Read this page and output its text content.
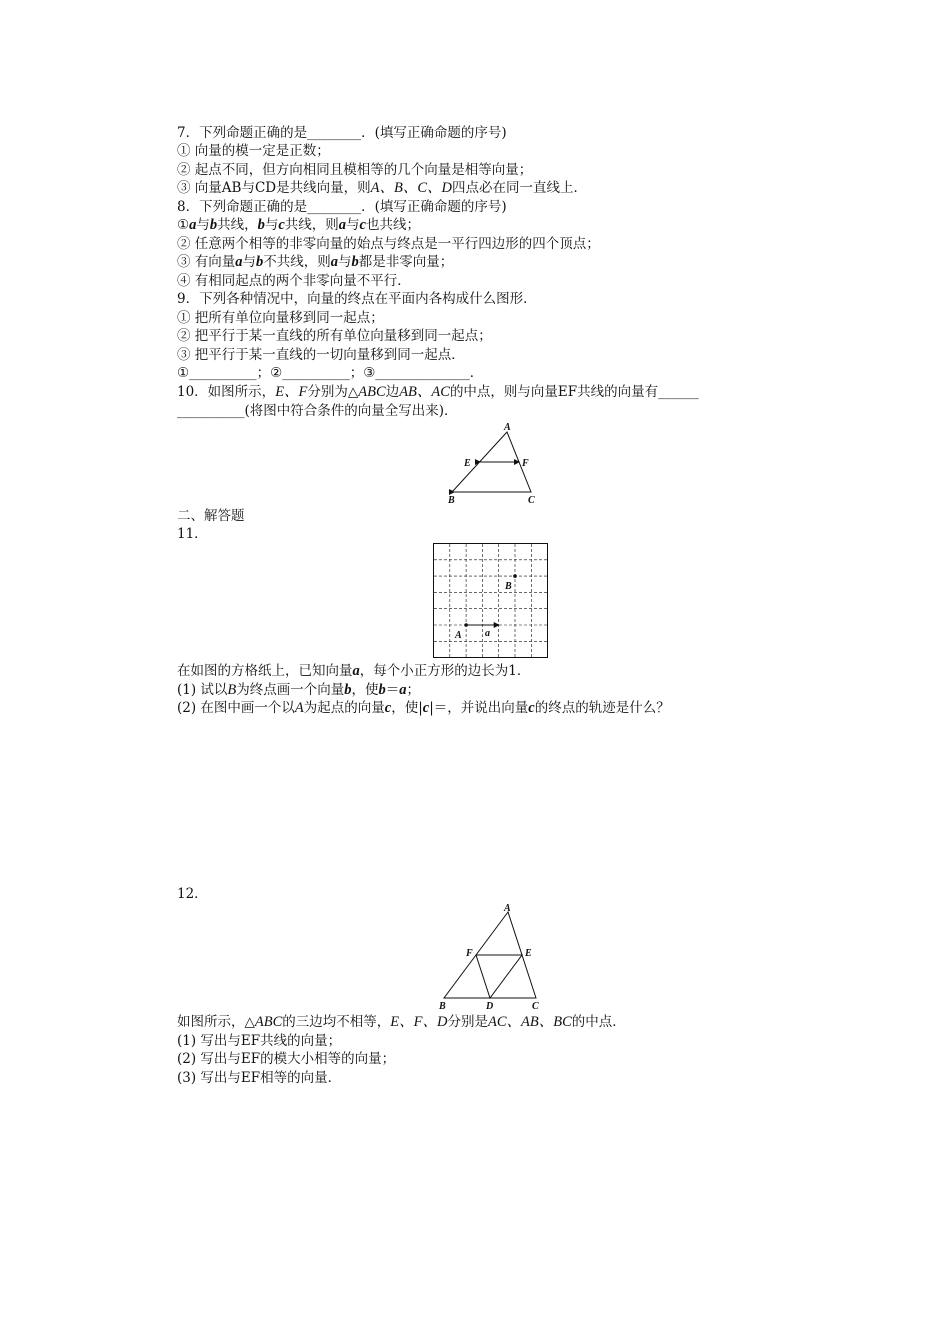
7．下列命题正确的是________．(填写正确命题的序号)
① 向量的模一定是正数；
② 起点不同，但方向相同且模相等的几个向量是相等向量；
③ 向量AB与CD是共线向量，则A、B、C、D四点必在同一直线上．
8．下列命题正确的是________．(填写正确命题的序号)
①a与b共线，b与c共线，则a与c也共线；
② 任意两个相等的非零向量的始点与终点是一平行四边形的四个顶点；
③ 有向量a与b不共线，则a与b都是非零向量；
④ 有相同起点的两个非零向量不平行．
9．下列各种情况中，向量的终点在平面内各构成什么图形．
① 把所有单位向量移到同一起点；
② 把平行于某一直线的所有单位向量移到同一起点；
③ 把平行于某一直线的一切向量移到同一起点．
①__________；②__________；③______________．
10．如图所示，E、F分别为△ABC边AB、AC的中点，则与向量EF共线的向量有______
__________(将图中符合条件的向量全写出来)．
A
E	F
B	C
二、解答题
11．
A
B
a
在如图的方格纸上，已知向量a，每个小正方形的边长为1．
(1) 试以B为终点画一个向量b，使b＝a；
(2) 在图中画一个以A为起点的向量c，使|c|＝，并说出向量c的终点的轨迹是什么？
12．
A
F	E
B	D	C
如图所示，△ABC的三边均不相等，E、F、D分别是AC、AB、BC的中点．
(1) 写出与EF共线的向量；
(2) 写出与EF的模大小相等的向量；
(3) 写出与EF相等的向量．
